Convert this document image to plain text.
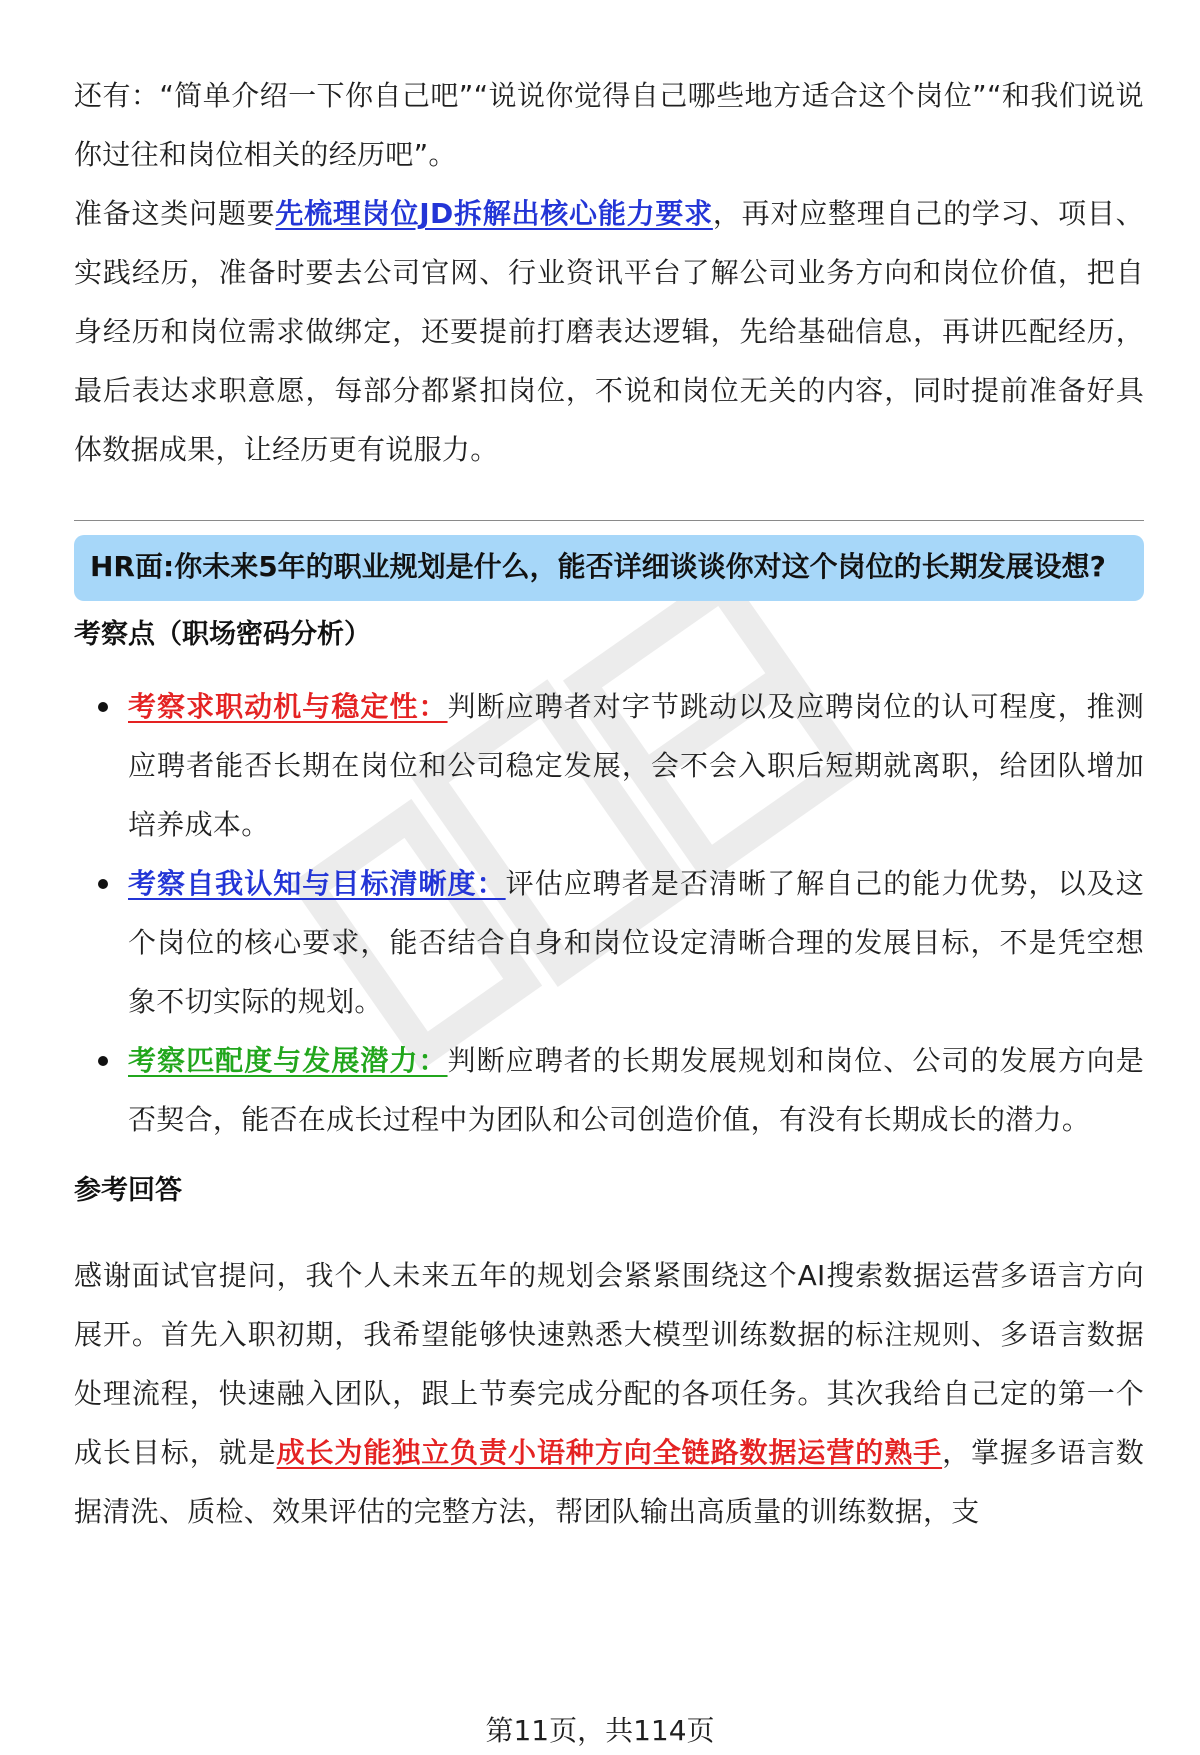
还有：“简单介绍一下你自己吧”“说说你觉得自己哪些地方适合这个岗位”“和我们说说你过往和岗位相关的经历吧”。

准备这类问题要先梳理岗位JD拆解出核心能力要求，再对应整理自己的学习、项目、实践经历，准备时要去公司官网、行业资讯平台了解公司业务方向和岗位价值，把自身经历和岗位需求做绑定，还要提前打磨表达逻辑，先给基础信息，再讲匹配经历，最后表达求职意愿，每部分都紧扣岗位，不说和岗位无关的内容，同时提前准备好具体数据成果，让经历更有说服力。

HR面:你未来5年的职业规划是什么，能否详细谈谈你对这个岗位的长期发展设想?
考察点（职场密码分析）
考察求职动机与稳定性：判断应聘者对字节跳动以及应聘岗位的认可程度，推测应聘者能否长期在岗位和公司稳定发展，会不会入职后短期就离职，给团队增加培养成本。
考察自我认知与目标清晰度：评估应聘者是否清晰了解自己的能力优势，以及这个岗位的核心要求，能否结合自身和岗位设定清晰合理的发展目标，不是凭空想象不切实际的规划。
考察匹配度与发展潜力：判断应聘者的长期发展规划和岗位、公司的发展方向是否契合，能否在成长过程中为团队和公司创造价值，有没有长期成长的潜力。
参考回答

感谢面试官提问，我个人未来五年的规划会紧紧围绕这个AI搜索数据运营多语言方向展开。首先入职初期，我希望能够快速熟悉大模型训练数据的标注规则、多语言数据处理流程，快速融入团队，跟上节奏完成分配的各项任务。其次我给自己定的第一个成长目标，就是成长为能独立负责小语种方向全链路数据运营的熟手，掌握多语言数据清洗、质检、效果评估的完整方法，帮团队输出高质量的训练数据，支

第11页，共114页
